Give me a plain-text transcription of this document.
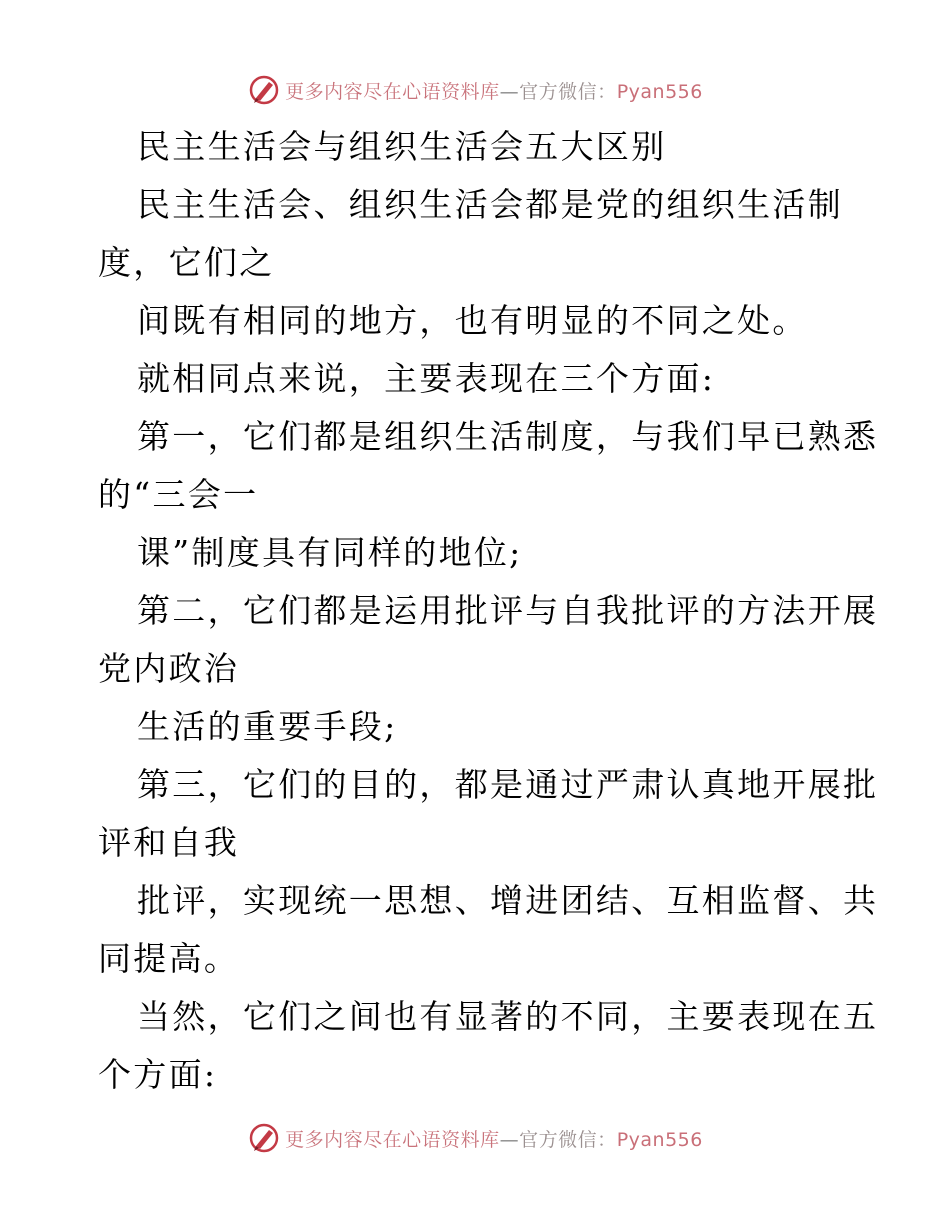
更多内容尽在心语资料库—官方微信：Pyan556
民主生活会与组织生活会五大区别
民主生活会、组织生活会都是党的组织生活制
度，它们之
间既有相同的地方，也有明显的不同之处。
就相同点来说，主要表现在三个方面:
第一，它们都是组织生活制度，与我们早已熟悉
的“三会一
课”制度具有同样的地位;
第二，它们都是运用批评与自我批评的方法开展
党内政治
生活的重要手段;
第三，它们的目的，都是通过严肃认真地开展批
评和自我
批评，实现统一思想、增进团结、互相监督、共
同提高。
当然，它们之间也有显著的不同，主要表现在五
个方面:
更多内容尽在心语资料库—官方微信：Pyan556
